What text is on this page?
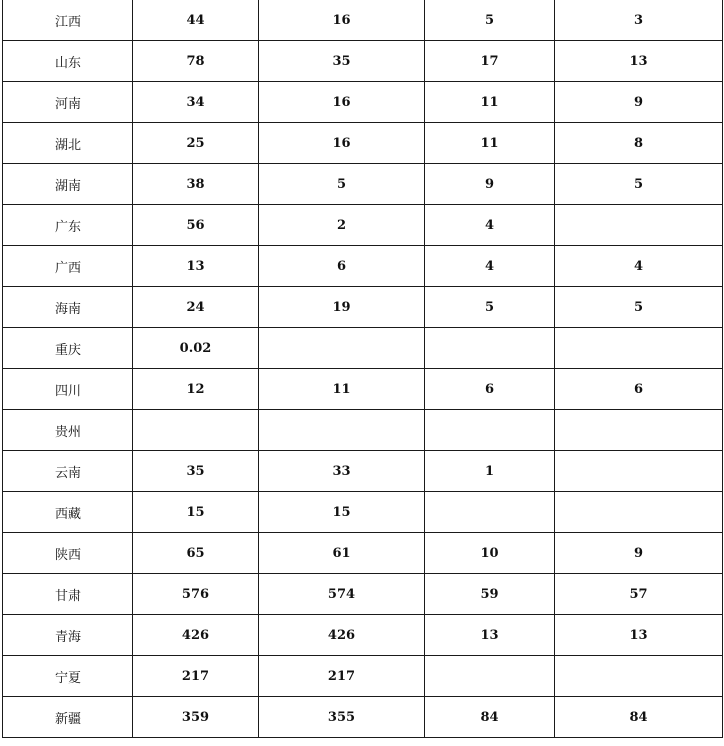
江西	44	16	5	3
山东	78	35	17	13
河南	34	16	11	9
湖北	25	16	11	8
湖南	38	5	9	5
广东	56	2	4	
广西	13	6	4	4
海南	24	19	5	5
重庆	0.02			
四川	12	11	6	6
贵州				
云南	35	33	1	
西藏	15	15		
陕西	65	61	10	9
甘肃	576	574	59	57
青海	426	426	13	13
宁夏	217	217		
新疆	359	355	84	84
